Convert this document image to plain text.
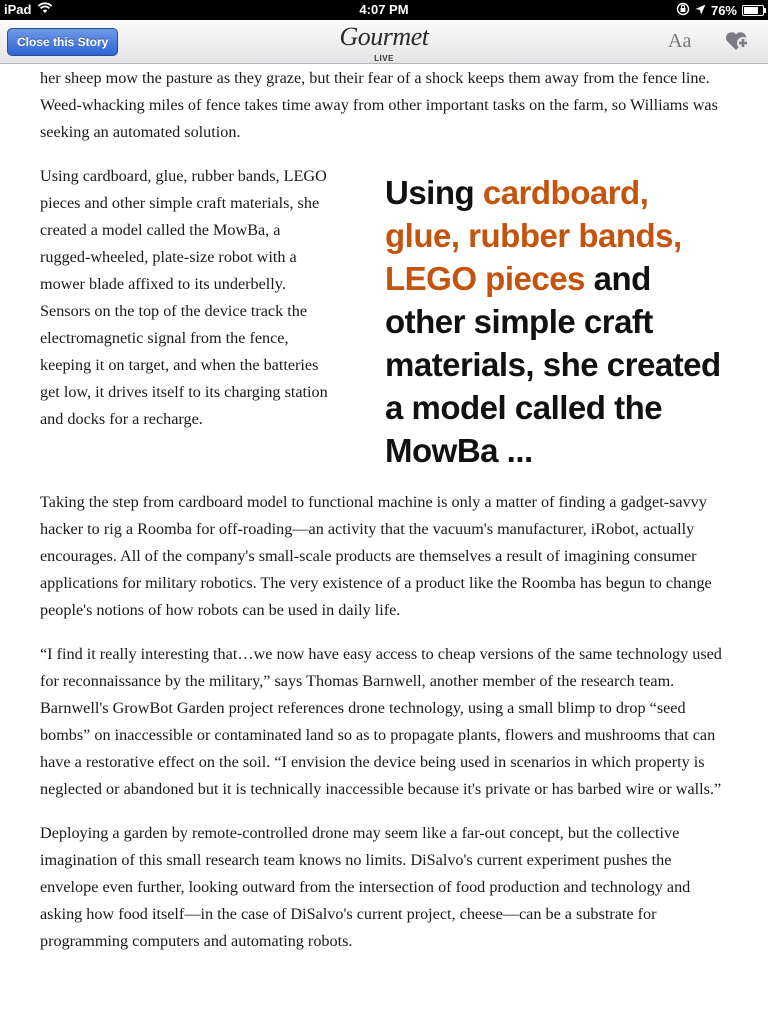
iPad	4:07 PM	76%
Close this Story	Gourmet
LIVE
Aa

her sheep mow the pasture as they graze, but their fear of a shock keeps them away from the fence line. Weed-whacking miles of fence takes time away from other important tasks on the farm, so Williams was seeking an automated solution.

Using cardboard, glue, rubber bands, LEGO pieces and other simple craft materials, she created a model called the MowBa, a rugged-wheeled, plate-size robot with a mower blade affixed to its underbelly. Sensors on the top of the device track the electromagnetic signal from the fence, keeping it on target, and when the batteries get low, it drives itself to its charging station and docks for a recharge.

Using cardboard, glue, rubber bands, LEGO pieces and other simple craft materials, she created a model called the MowBa ...

Taking the step from cardboard model to functional machine is only a matter of finding a gadget-savvy hacker to rig a Roomba for off-roading—an activity that the vacuum's manufacturer, iRobot, actually encourages. All of the company's small-scale products are themselves a result of imagining consumer applications for military robotics. The very existence of a product like the Roomba has begun to change people's notions of how robots can be used in daily life.

“I find it really interesting that…we now have easy access to cheap versions of the same technology used for reconnaissance by the military,” says Thomas Barnwell, another member of the research team. Barnwell's GrowBot Garden project references drone technology, using a small blimp to drop “seed bombs” on inaccessible or contaminated land so as to propagate plants, flowers and mushrooms that can have a restorative effect on the soil. “I envision the device being used in scenarios in which property is neglected or abandoned but it is technically inaccessible because it's private or has barbed wire or walls.”

Deploying a garden by remote-controlled drone may seem like a far-out concept, but the collective imagination of this small research team knows no limits. DiSalvo's current experiment pushes the envelope even further, looking outward from the intersection of food production and technology and asking how food itself—in the case of DiSalvo's current project, cheese—can be a substrate for programming computers and automating robots.
